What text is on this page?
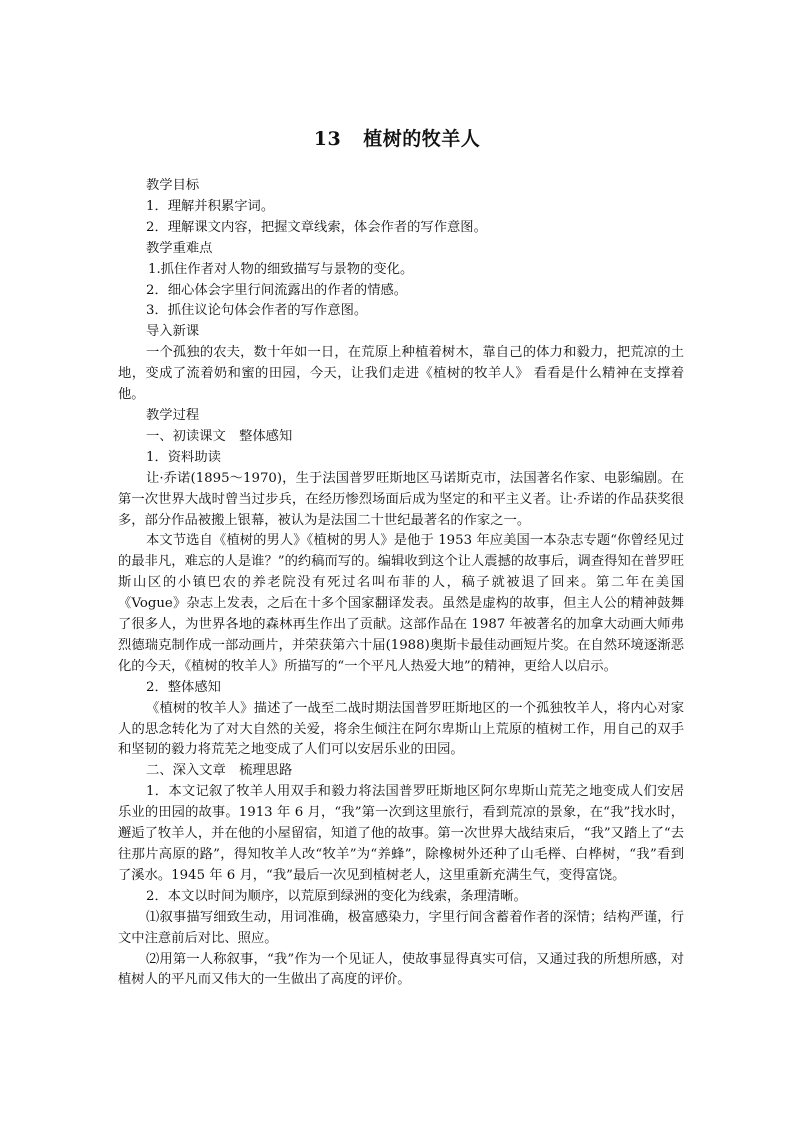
13 植树的牧羊人

教学目标

1．理解并积累字词。

2．理解课文内容，把握文章线索，体会作者的写作意图。

教学重难点

1.抓住作者对人物的细致描写与景物的变化。

2．细心体会字里行间流露出的作者的情感。

3．抓住议论句体会作者的写作意图。

导入新课

一个孤独的农夫，数十年如一日，在荒原上种植着树木，靠自己的体力和毅力，把荒凉的土地，变成了流着奶和蜜的田园，今天，让我们走进《植树的牧羊人》 看看是什么精神在支撑着他。

教学过程

一、初读课文　整体感知

1．资料助读

让·乔诺(1895～1970)，生于法国普罗旺斯地区马诺斯克市，法国著名作家、电影编剧。在第一次世界大战时曾当过步兵，在经历惨烈场面后成为坚定的和平主义者。让·乔诺的作品获奖很多，部分作品被搬上银幕，被认为是法国二十世纪最著名的作家之一。

本文节选自《植树的男人》《植树的男人》是他于 1953 年应美国一本杂志专题“你曾经见过的最非凡，难忘的人是谁？”的约稿而写的。编辑收到这个让人震撼的故事后，调查得知在普罗旺斯山区的小镇巴农的养老院没有死过名叫布菲的人，稿子就被退了回来。第二年在美国《Vogue》杂志上发表，之后在十多个国家翻译发表。虽然是虚构的故事，但主人公的精神鼓舞了很多人，为世界各地的森林再生作出了贡献。这部作品在 1987 年被著名的加拿大动画大师弗烈德瑞克制作成一部动画片，并荣获第六十届(1988)奥斯卡最佳动画短片奖。在自然环境逐渐恶化的今天，《植树的牧羊人》所描写的“一个平凡人热爱大地”的精神，更给人以启示。

2．整体感知

《植树的牧羊人》描述了一战至二战时期法国普罗旺斯地区的一个孤独牧羊人，将内心对家人的思念转化为了对大自然的关爱，将余生倾注在阿尔卑斯山上荒原的植树工作，用自己的双手和坚韧的毅力将荒芜之地变成了人们可以安居乐业的田园。

二、深入文章　梳理思路

1．本文记叙了牧羊人用双手和毅力将法国普罗旺斯地区阿尔卑斯山荒芜之地变成人们安居乐业的田园的故事。1913 年 6 月，“我”第一次到这里旅行，看到荒凉的景象，在“我”找水时，邂逅了牧羊人，并在他的小屋留宿，知道了他的故事。第一次世界大战结束后，“我”又踏上了“去往那片高原的路”，得知牧羊人改“牧羊”为“养蜂”，除橡树外还种了山毛榉、白桦树，“我”看到了溪水。1945 年 6 月，“我”最后一次见到植树老人，这里重新充满生气，变得富饶。

2．本文以时间为顺序，以荒原到绿洲的变化为线索，条理清晰。

⑴叙事描写细致生动，用词准确，极富感染力，字里行间含蓄着作者的深情；结构严谨，行文中注意前后对比、照应。

⑵用第一人称叙事，“我”作为一个见证人，使故事显得真实可信，又通过我的所想所感，对植树人的平凡而又伟大的一生做出了高度的评价。
